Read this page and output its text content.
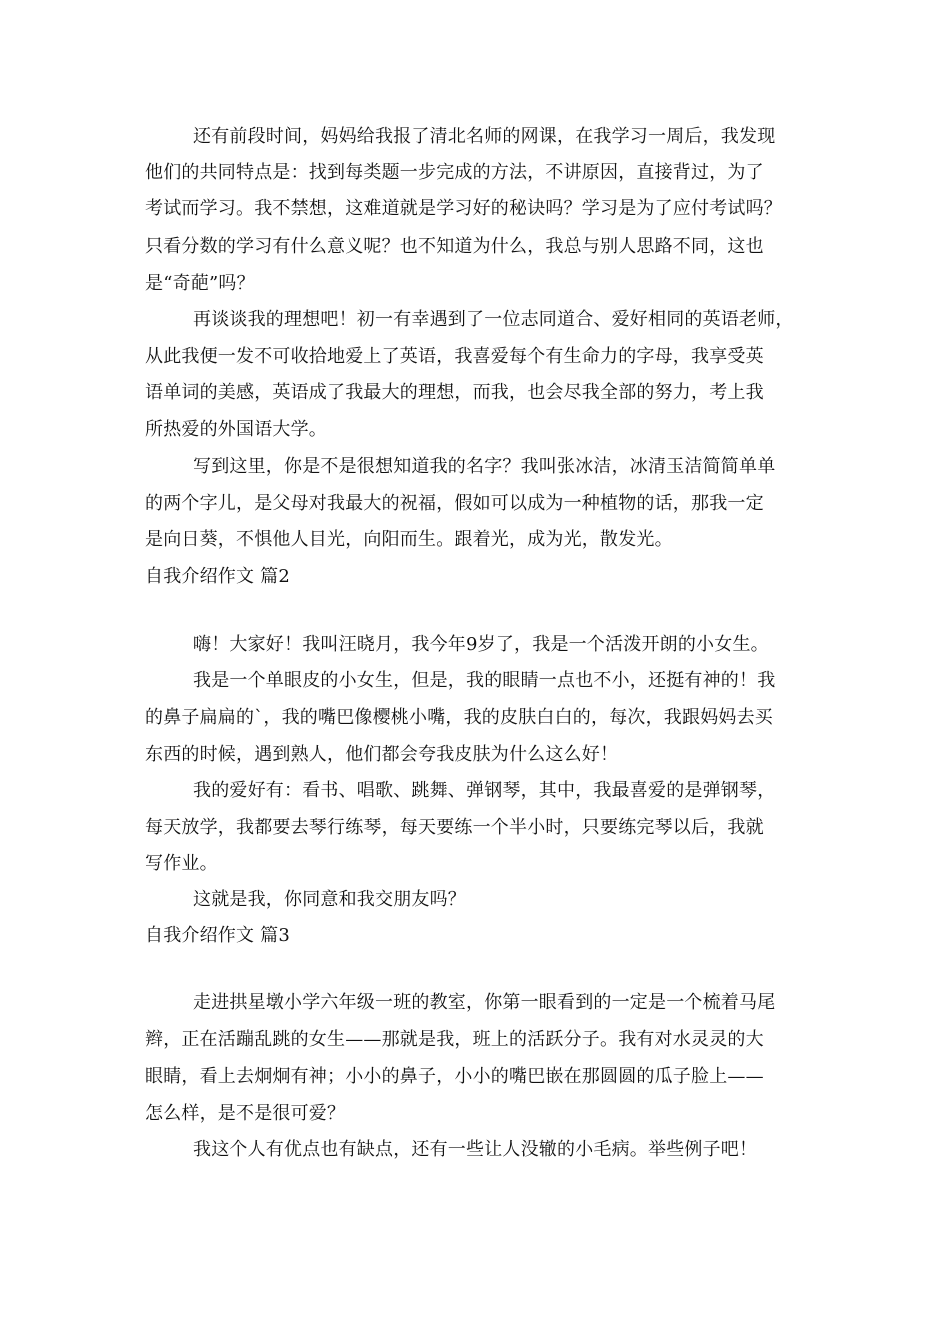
还有前段时间，妈妈给我报了清北名师的网课，在我学习一周后，我发现
他们的共同特点是：找到每类题一步完成的方法，不讲原因，直接背过，为了
考试而学习。我不禁想，这难道就是学习好的秘诀吗？学习是为了应付考试吗？
只看分数的学习有什么意义呢？也不知道为什么，我总与别人思路不同，这也
是“奇葩”吗？
再谈谈我的理想吧！初一有幸遇到了一位志同道合、爱好相同的英语老师，
从此我便一发不可收拾地爱上了英语，我喜爱每个有生命力的字母，我享受英
语单词的美感，英语成了我最大的理想，而我，也会尽我全部的努力，考上我
所热爱的外国语大学。
写到这里，你是不是很想知道我的名字？我叫张冰洁，冰清玉洁简简单单
的两个字儿，是父母对我最大的祝福，假如可以成为一种植物的话，那我一定
是向日葵，不惧他人目光，向阳而生。跟着光，成为光，散发光。
自我介绍作文 篇2
嗨！大家好！我叫汪晓月，我今年9岁了，我是一个活泼开朗的小女生。
我是一个单眼皮的小女生，但是，我的眼睛一点也不小，还挺有神的！我
的鼻子扁扁的`，我的嘴巴像樱桃小嘴，我的皮肤白白的，每次，我跟妈妈去买
东西的时候，遇到熟人，他们都会夸我皮肤为什么这么好！
我的爱好有：看书、唱歌、跳舞、弹钢琴，其中，我最喜爱的是弹钢琴，
每天放学，我都要去琴行练琴，每天要练一个半小时，只要练完琴以后，我就
写作业。
这就是我，你同意和我交朋友吗？
自我介绍作文 篇3
走进拱星墩小学六年级一班的教室，你第一眼看到的一定是一个梳着马尾
辫，正在活蹦乱跳的女生——那就是我，班上的活跃分子。我有对水灵灵的大
眼睛，看上去炯炯有神；小小的鼻子，小小的嘴巴嵌在那圆圆的瓜子脸上——
怎么样，是不是很可爱？
我这个人有优点也有缺点，还有一些让人没辙的小毛病。举些例子吧！
